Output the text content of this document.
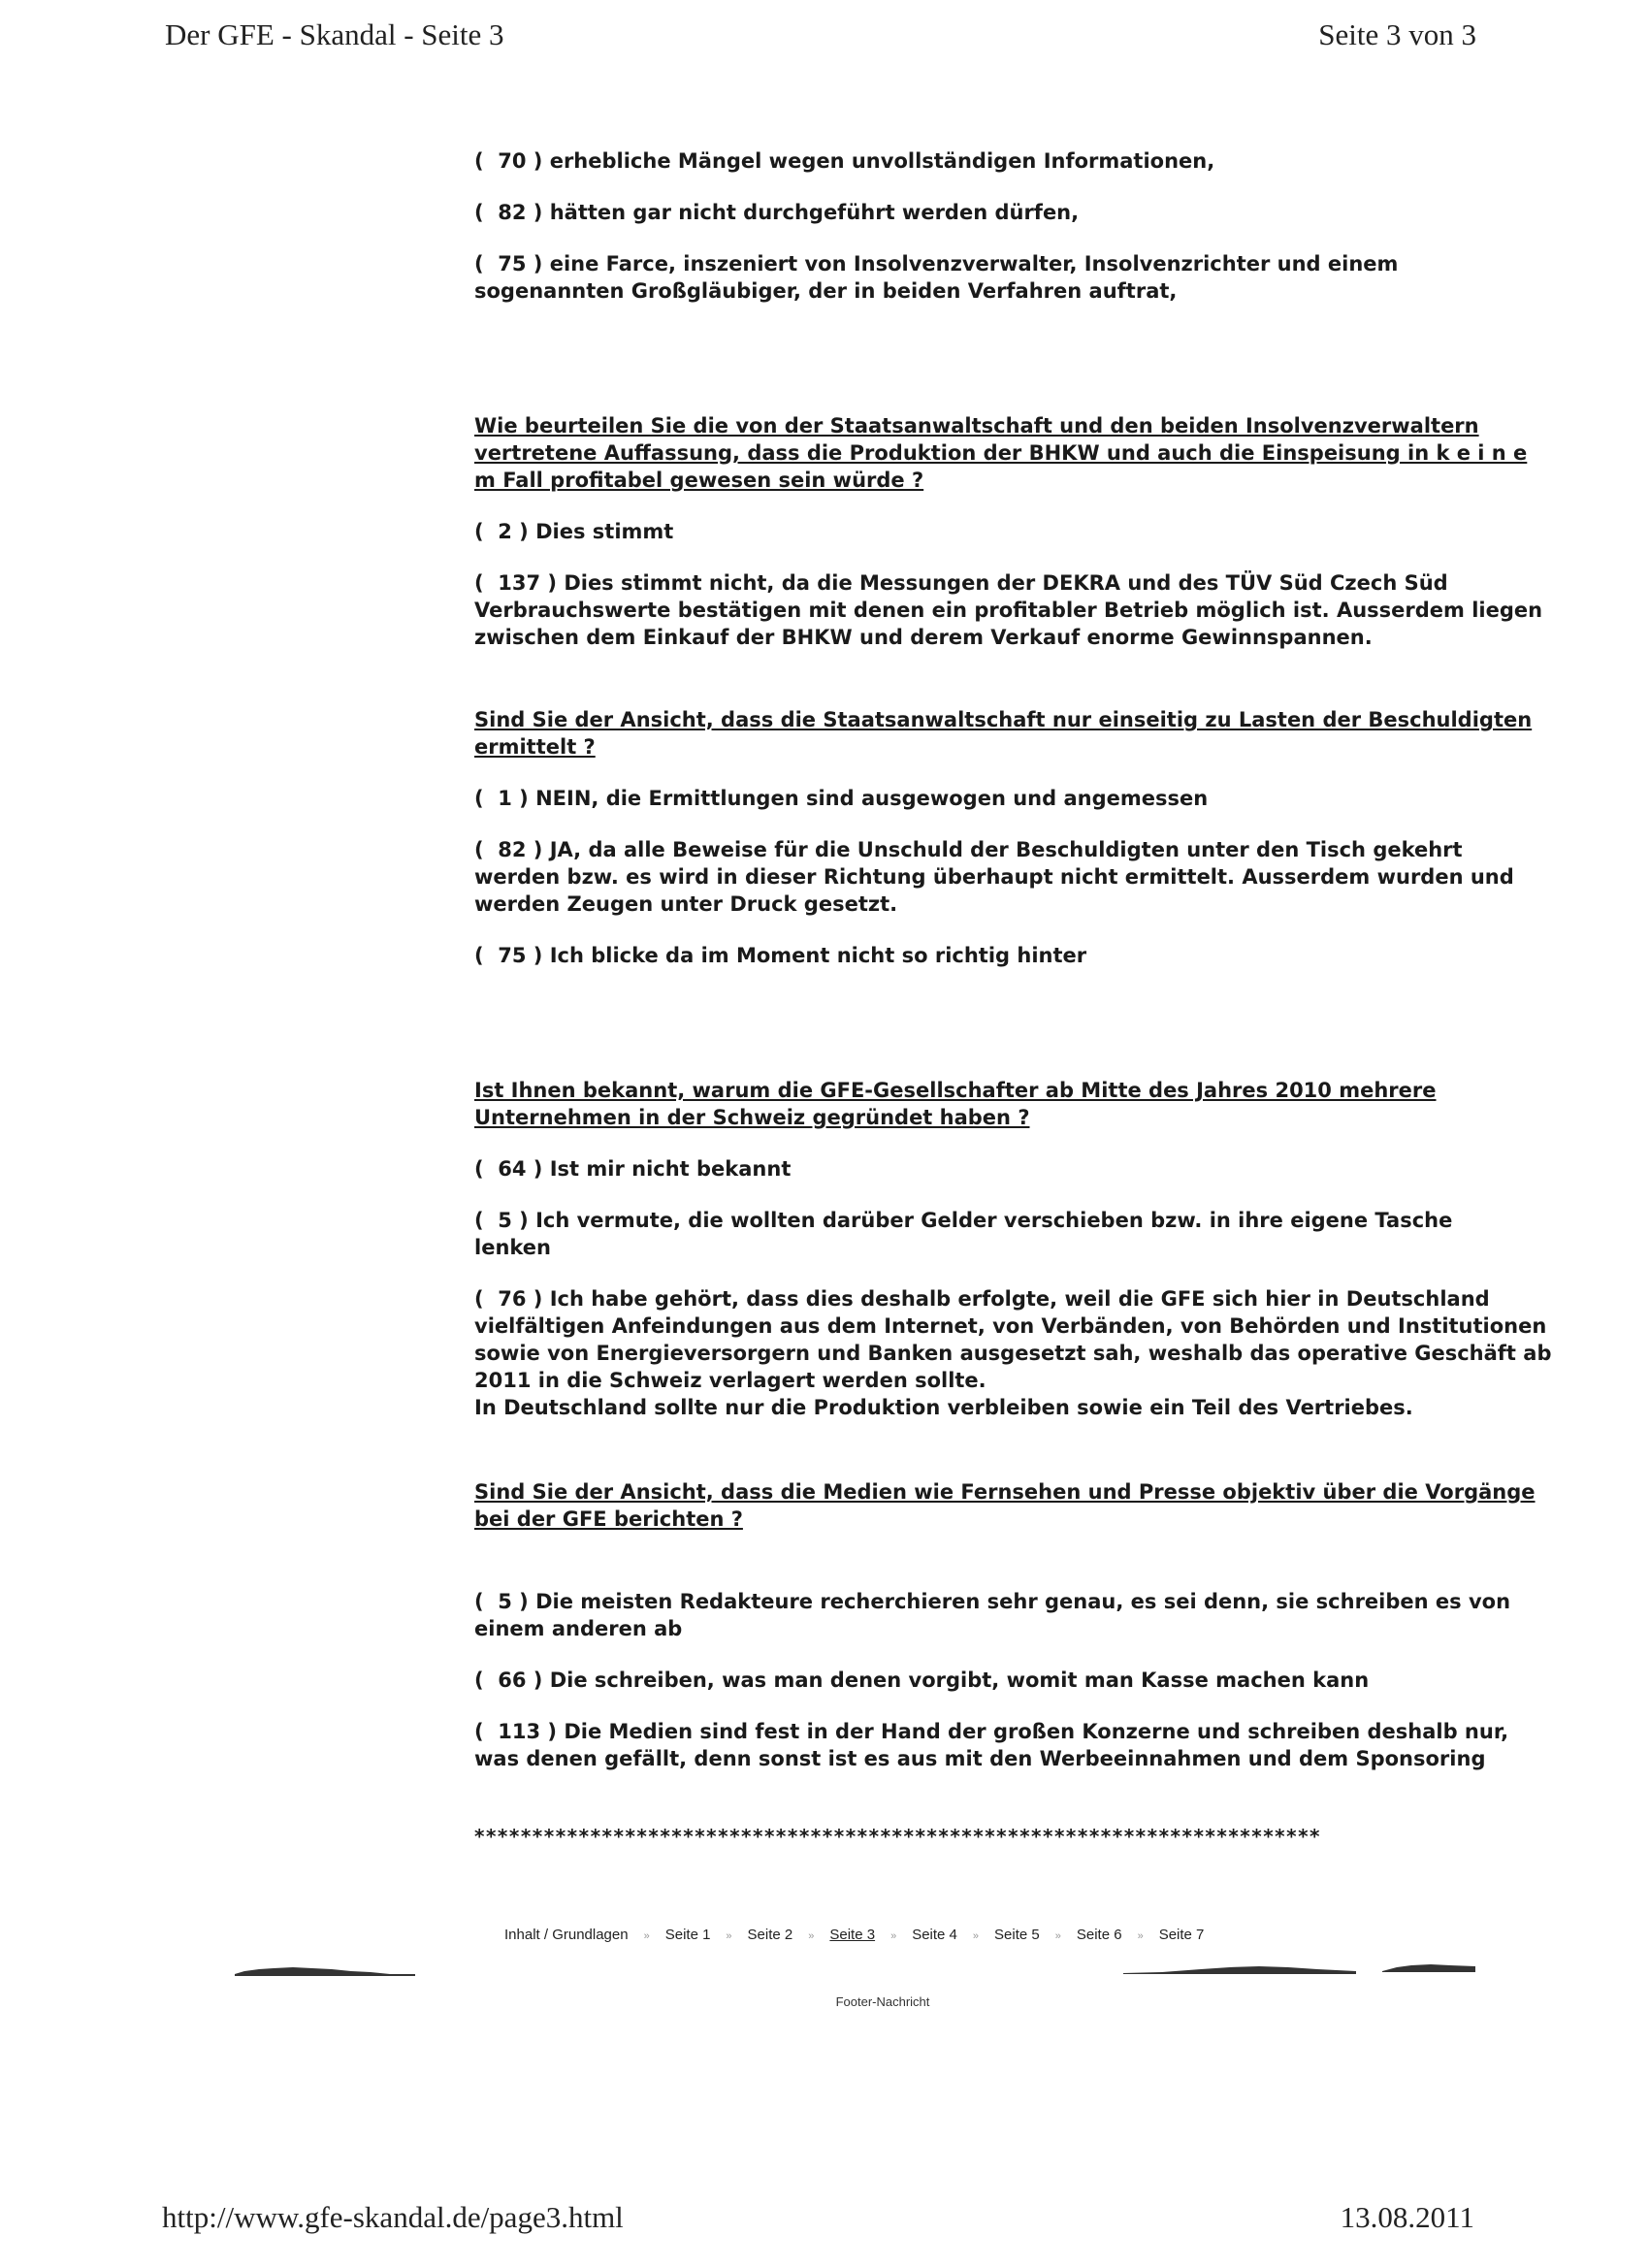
Der GFE - Skandal - Seite 3	Seite 3 von 3
(  70 ) erhebliche Mängel wegen unvollständigen Informationen,
(  82 ) hätten gar nicht durchgeführt werden dürfen,
(  75 ) eine Farce, inszeniert von Insolvenzverwalter, Insolvenzrichter und einem
sogenannten Großgläubiger, der in beiden Verfahren auftrat,
Wie beurteilen Sie die von der Staatsanwaltschaft und den beiden Insolvenzverwaltern
vertretene Auffassung, dass die Produktion der BHKW und auch die Einspeisung in k e i n e
m Fall profitabel gewesen sein würde ?
(  2 ) Dies stimmt
(  137 ) Dies stimmt nicht, da die Messungen der DEKRA und des TÜV Süd Czech Süd
Verbrauchswerte bestätigen mit denen ein profitabler Betrieb möglich ist. Ausserdem liegen
zwischen dem Einkauf der BHKW und derem Verkauf enorme Gewinnspannen.
Sind Sie der Ansicht, dass die Staatsanwaltschaft nur einseitig zu Lasten der Beschuldigten
ermittelt ?
(  1 ) NEIN, die Ermittlungen sind ausgewogen und angemessen
(  82 ) JA, da alle Beweise für die Unschuld der Beschuldigten unter den Tisch gekehrt
werden bzw. es wird in dieser Richtung überhaupt nicht ermittelt. Ausserdem wurden und
werden Zeugen unter Druck gesetzt.
(  75 ) Ich blicke da im Moment nicht so richtig hinter
Ist Ihnen bekannt, warum die GFE-Gesellschafter ab Mitte des Jahres 2010 mehrere
Unternehmen in der Schweiz gegründet haben ?
(  64 ) Ist mir nicht bekannt
(  5 ) Ich vermute, die wollten darüber Gelder verschieben bzw. in ihre eigene Tasche
lenken
(  76 ) Ich habe gehört, dass dies deshalb erfolgte, weil die GFE sich hier in Deutschland
vielfältigen Anfeindungen aus dem Internet, von Verbänden, von Behörden und Institutionen
sowie von Energieversorgern und Banken ausgesetzt sah, weshalb das operative Geschäft ab
2011 in die Schweiz verlagert werden sollte.
In Deutschland sollte nur die Produktion verbleiben sowie ein Teil des Vertriebes.
Sind Sie der Ansicht, dass die Medien wie Fernsehen und Presse objektiv über die Vorgänge
bei der GFE berichten ?
(  5 ) Die meisten Redakteure recherchieren sehr genau, es sei denn, sie schreiben es von
einem anderen ab
(  66 ) Die schreiben, was man denen vorgibt, womit man Kasse machen kann
(  113 ) Die Medien sind fest in der Hand der großen Konzerne und schreiben deshalb nur,
was denen gefällt, denn sonst ist es aus mit den Werbeeinnahmen und dem Sponsoring
*************************************************************************
Inhalt / Grundlagen » Seite 1 » Seite 2 » Seite 3 » Seite 4 » Seite 5 » Seite 6 » Seite 7
Footer-Nachricht
http://www.gfe-skandal.de/page3.html	13.08.2011
